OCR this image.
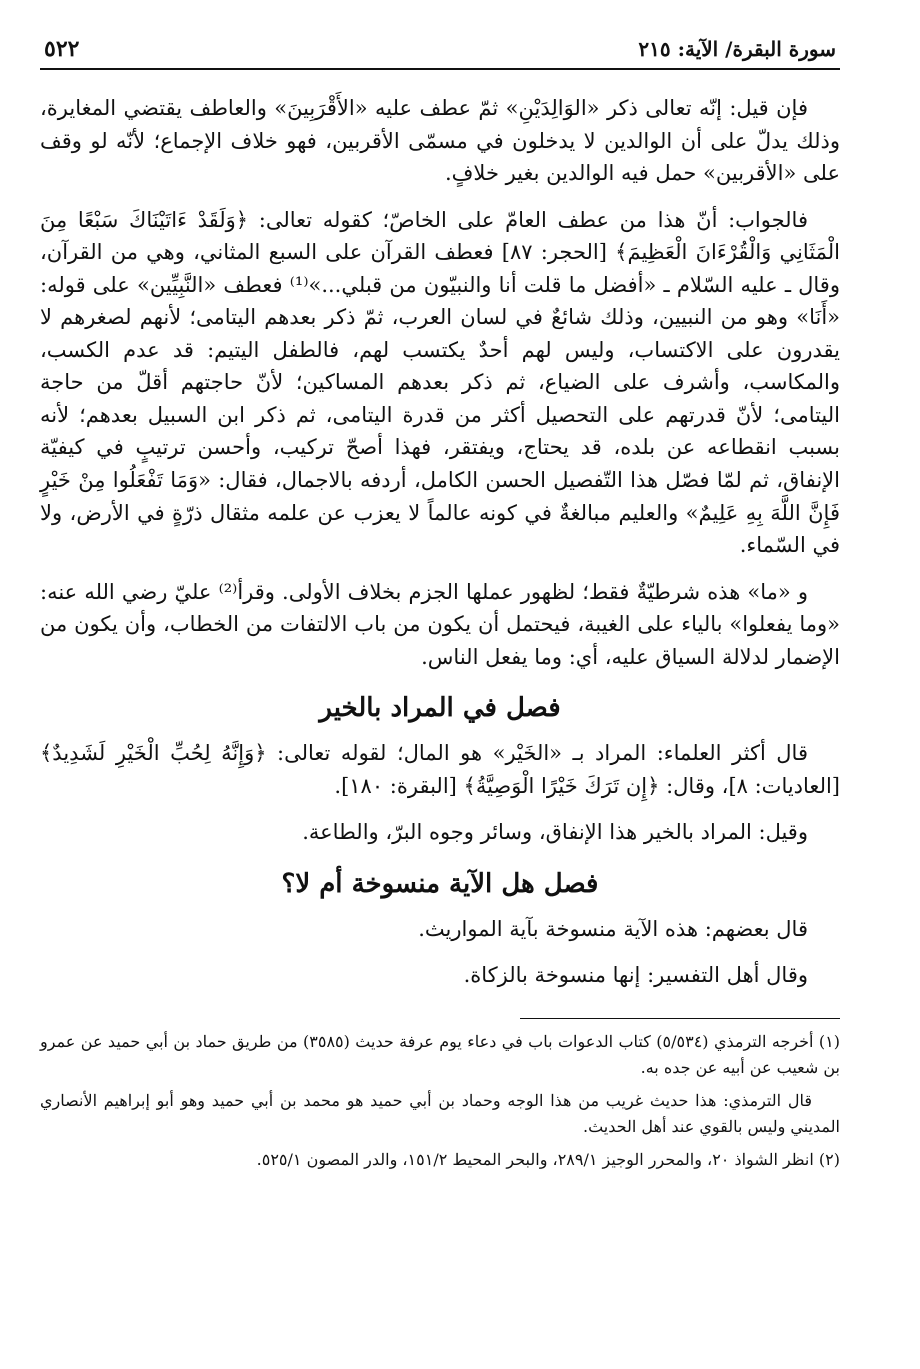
سورة البقرة/ الآية: ٢١٥
٥٢٢

فإن قيل: إنّه تعالى ذكر «الوَالِدَيْنِ» ثمّ عطف عليه «الأَقْرَبِينَ» والعاطف يقتضي المغايرة، وذلك يدلّ على أن الوالدين لا يدخلون في مسمّى الأقربين، فهو خلاف الإجماع؛ لأنّه لو وقف على «الأقربين» حمل فيه الوالدين بغير خلافٍ.

فالجواب: أنّ هذا من عطف العامّ على الخاصّ؛ كقوله تعالى: ﴿وَلَقَدْ ءَاتَيْنَاكَ سَبْعًا مِنَ الْمَثَانِي وَالْقُرْءَانَ الْعَظِيمَ﴾ [الحجر: ٨٧] فعطف القرآن على السبع المثاني، وهي من القرآن، وقال ـ عليه السّلام ـ «أفضل ما قلت أنا والنبيّون من قبلي...»⁽¹⁾ فعطف «النَّبِيِّين» على قوله: «أَنَا» وهو من النبيين، وذلك شائعٌ في لسان العرب، ثمّ ذكر بعدهم اليتامى؛ لأنهم لصغرهم لا يقدرون على الاكتساب، وليس لهم أحدٌ يكتسب لهم، فالطفل اليتيم: قد عدم الكسب، والمكاسب، وأشرف على الضياع، ثم ذكر بعدهم المساكين؛ لأنّ حاجتهم أقلّ من حاجة اليتامى؛ لأنّ قدرتهم على التحصيل أكثر من قدرة اليتامى، ثم ذكر ابن السبيل بعدهم؛ لأنه بسبب انقطاعه عن بلده، قد يحتاج، ويفتقر، فهذا أصحّ تركيب، وأحسن ترتيبٍ في كيفيّة الإنفاق، ثم لمّا فصّل هذا التّفصيل الحسن الكامل، أردفه بالاجمال، فقال: «وَمَا تَفْعَلُوا مِنْ خَيْرٍ فَإِنَّ اللَّهَ بِهِ عَلِيمٌ» والعليم مبالغةٌ في كونه عالماً لا يعزب عن علمه مثقال ذرّةٍ في الأرض، ولا في السّماء.

و «ما» هذه شرطيّةٌ فقط؛ لظهور عملها الجزم بخلاف الأولى. وقرأ⁽²⁾ عليّ رضي الله عنه: «وما يفعلوا» بالياء على الغيبة، فيحتمل أن يكون من باب الالتفات من الخطاب، وأن يكون من الإضمار لدلالة السياق عليه، أي: وما يفعل الناس.

فصل في المراد بالخير

قال أكثر العلماء: المراد بـ «الخَيْر» هو المال؛ لقوله تعالى: ﴿وَإِنَّهُ لِحُبِّ الْخَيْرِ لَشَدِيدٌ﴾ [العاديات: ٨]، وقال: ﴿إِن تَرَكَ خَيْرًا الْوَصِيَّةُ﴾ [البقرة: ١٨٠].

وقيل: المراد بالخير هذا الإنفاق، وسائر وجوه البرّ، والطاعة.

فصل هل الآية منسوخة أم لا؟

قال بعضهم: هذه الآية منسوخة بآية المواريث.

وقال أهل التفسير: إنها منسوخة بالزكاة.

(١) أخرجه الترمذي (٥/٥٣٤) كتاب الدعوات باب في دعاء يوم عرفة حديث (٣٥٨٥) من طريق حماد بن أبي حميد عن عمرو بن شعيب عن أبيه عن جده به.

قال الترمذي: هذا حديث غريب من هذا الوجه وحماد بن أبي حميد هو محمد بن أبي حميد وهو أبو إبراهيم الأنصاري المديني وليس بالقوي عند أهل الحديث.

(٢) انظر الشواذ ٢٠، والمحرر الوجيز ٢٨٩/١، والبحر المحيط ١٥١/٢، والدر المصون ٥٢٥/١.
